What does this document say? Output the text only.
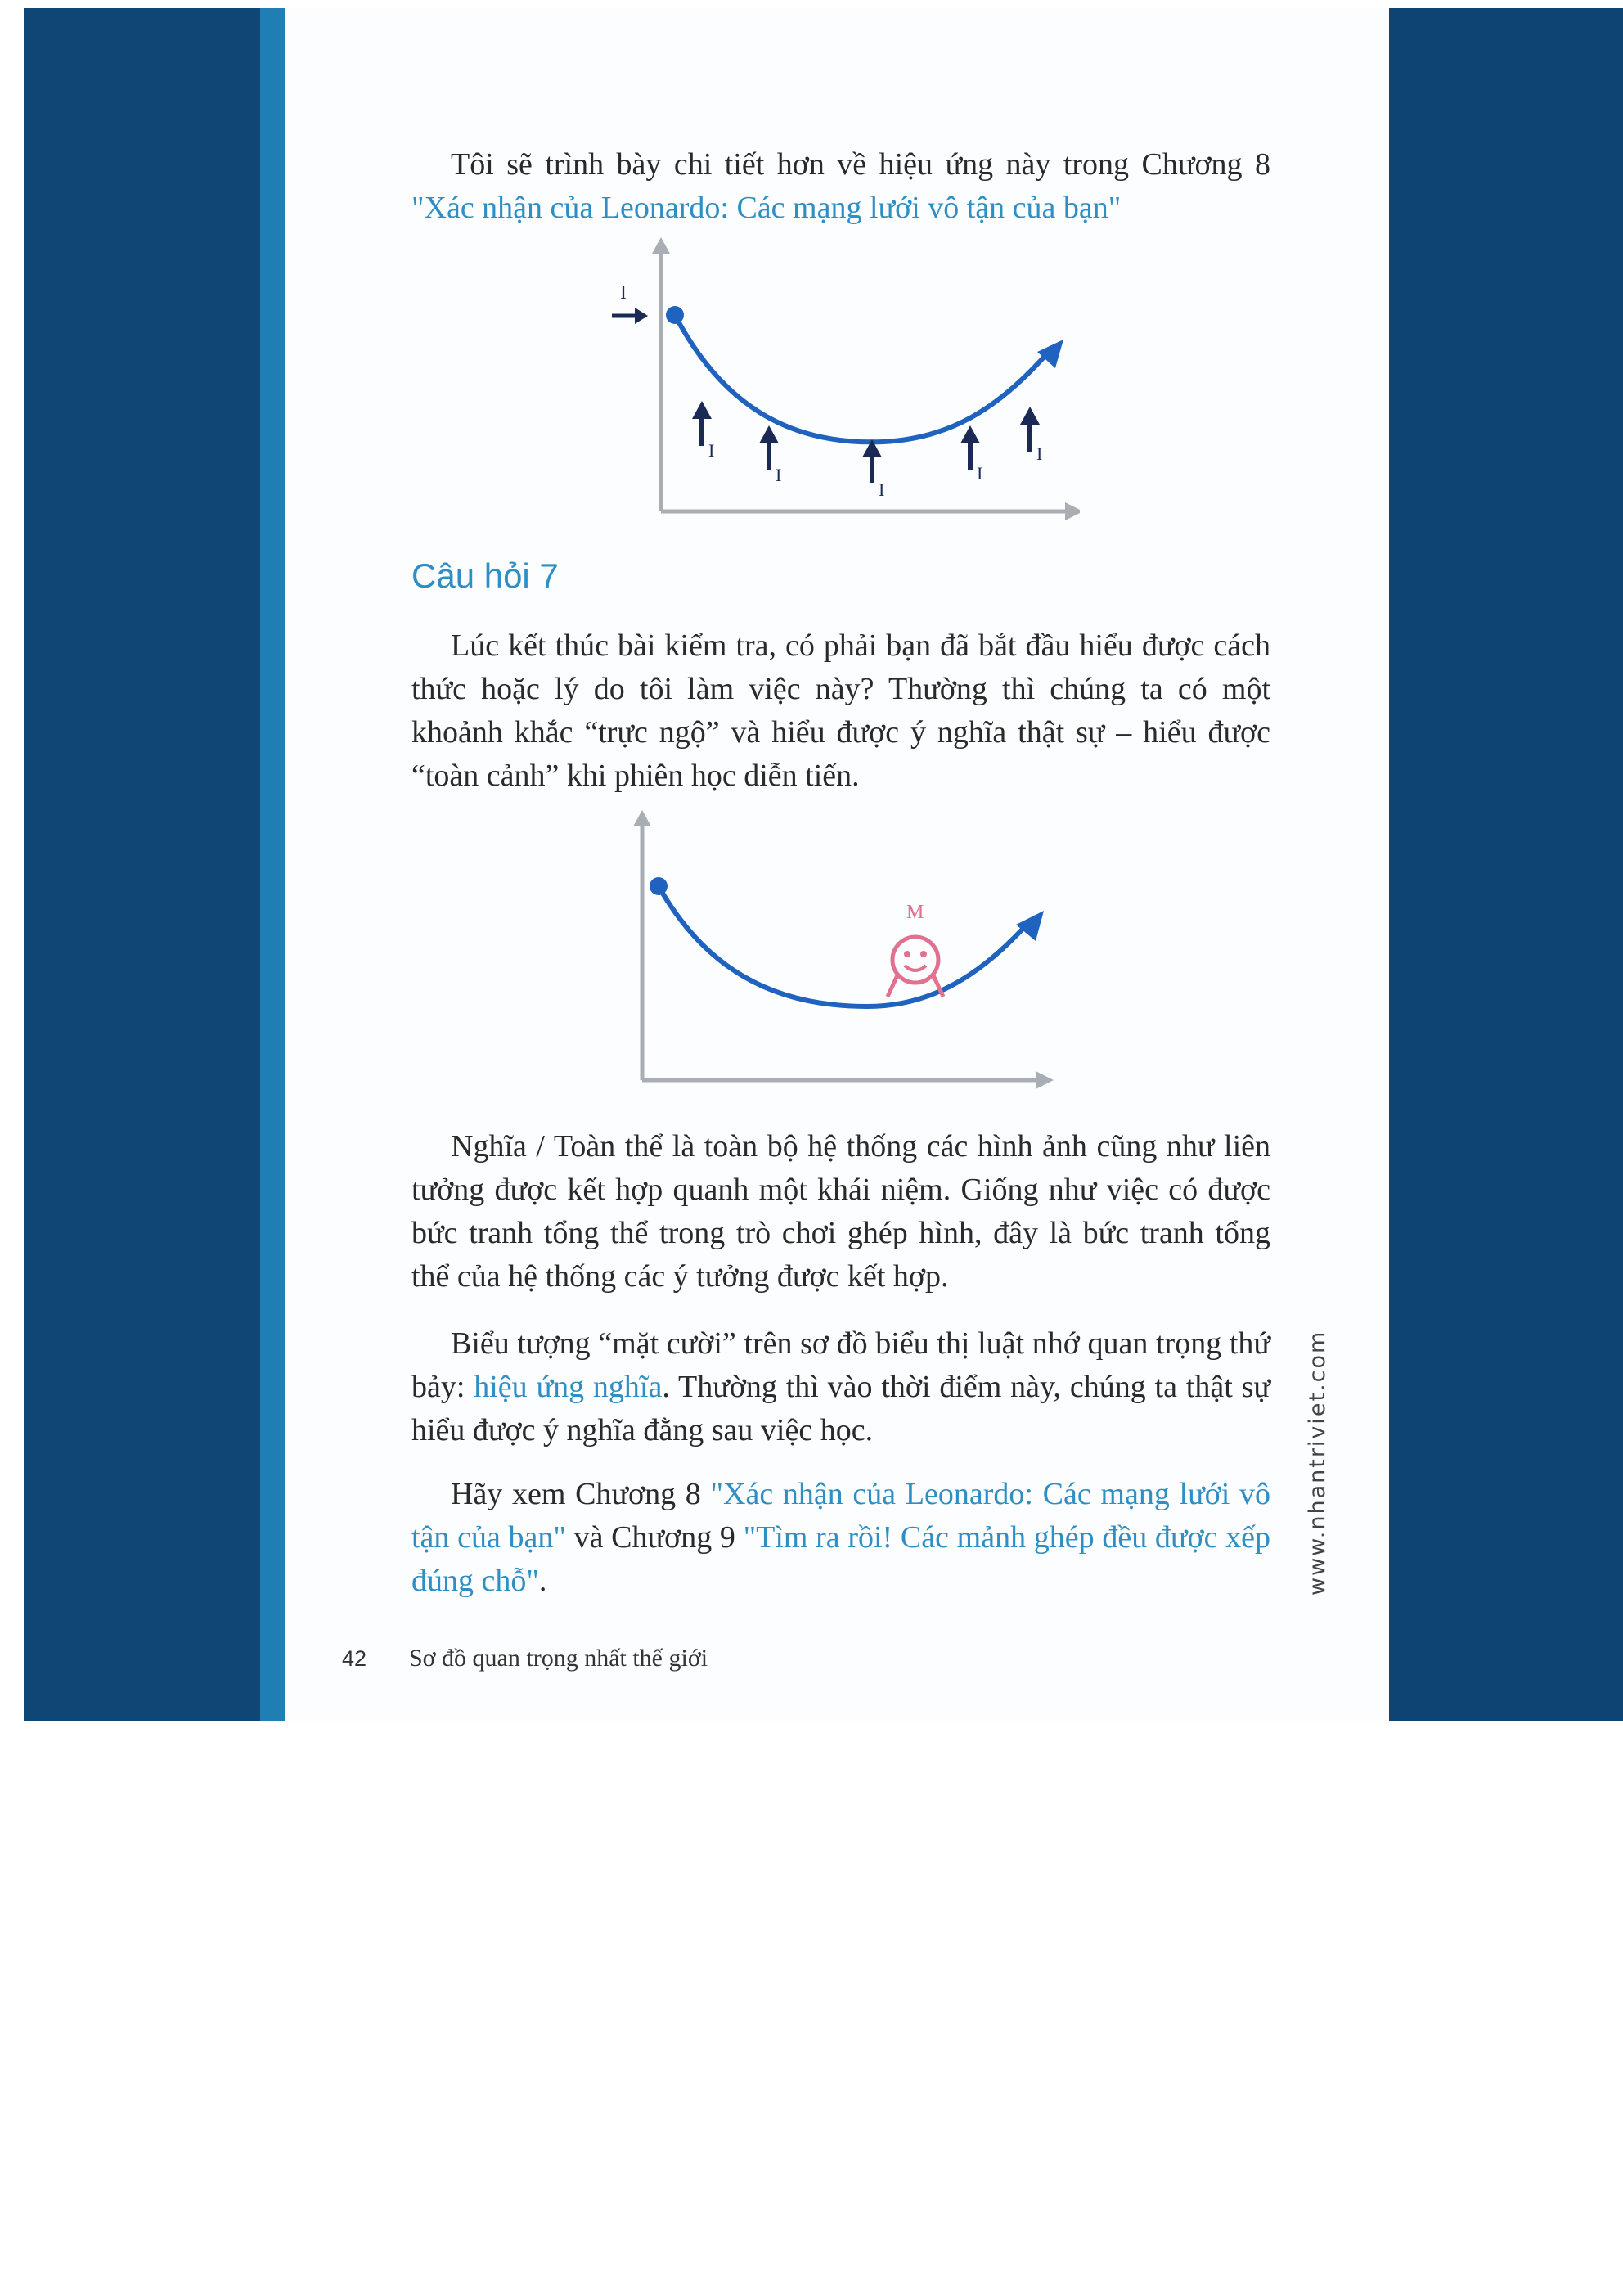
Tôi sẽ trình bày chi tiết hơn về hiệu ứng này trong Chương 8 "Xác nhận của Leonardo: Các mạng lưới vô tận của bạn"

I
I
I
I
I
I
Câu hỏi 7

Lúc kết thúc bài kiểm tra, có phải bạn đã bắt đầu hiểu được cách thức hoặc lý do tôi làm việc này? Thường thì chúng ta có một khoảnh khắc “trực ngộ” và hiểu được ý nghĩa thật sự – hiểu được “toàn cảnh” khi phiên học diễn tiến.

M

Nghĩa / Toàn thể là toàn bộ hệ thống các hình ảnh cũng như liên tưởng được kết hợp quanh một khái niệm. Giống như việc có được bức tranh tổng thể trong trò chơi ghép hình, đây là bức tranh tổng thể của hệ thống các ý tưởng được kết hợp.

Biểu tượng “mặt cười” trên sơ đồ biểu thị luật nhớ quan trọng thứ bảy: hiệu ứng nghĩa. Thường thì vào thời điểm này, chúng ta thật sự hiểu được ý nghĩa đằng sau việc học.

Hãy xem Chương 8 "Xác nhận của Leonardo: Các mạng lưới vô tận của bạn" và Chương 9 "Tìm ra rồi! Các mảnh ghép đều được xếp đúng chỗ".	www.nhantriviet.com
42 Sơ đồ quan trọng nhất thế giới
